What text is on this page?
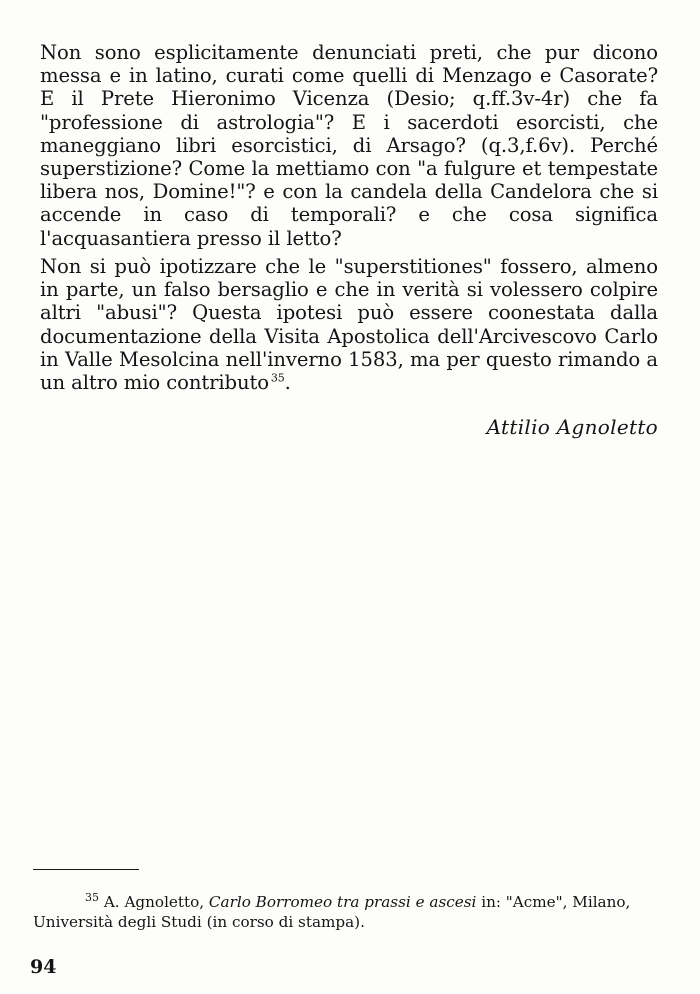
Non sono esplicitamente denunciati preti, che pur dicono messa e in latino, curati come quelli di Menzago e Casorate? E il Prete Hieronimo Vicenza (Desio; q.ff.3v-4r) che fa "professione di astrologia"? E i sacerdoti esorcisti, che maneggiano libri esorcistici, di Arsago? (q.3,f.6v). Perché superstizione? Come la mettiamo con "a fulgure et tempestate libera nos, Domine!"? e con la candela della Candelora che si accende in caso di temporali? e che cosa significa l'acquasantiera presso il letto?

Non si può ipotizzare che le "superstitiones" fossero, almeno in parte, un falso bersaglio e che in verità si volessero colpire altri "abusi"? Questa ipotesi può essere coonestata dalla documentazione della Visita Apostolica dell'Arcivescovo Carlo in Valle Mesolcina nell'inverno 1583, ma per questo rimando a un altro mio contributo  $^{35}$.

Attilio Agnoletto

$^{35}$ A. Agnoletto, Carlo Borromeo tra prassi e ascesi in: "Acme", Milano, Università degli Studi (in corso di stampa).

94
